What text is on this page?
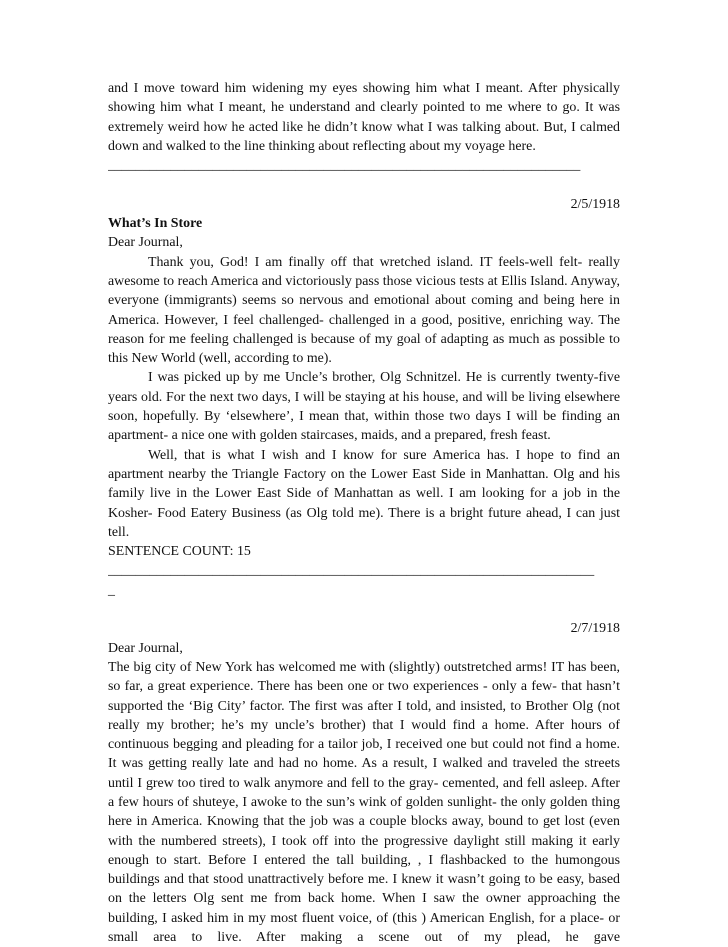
and I move toward him widening my eyes showing him what I meant. After physically showing him what I meant, he understand and clearly pointed to me where to go. It was extremely weird how he acted like he didn’t know what I was talking about. But, I calmed down and walked to the line thinking about reflecting about my voyage here.

____________________________________________________________________

2/5/1918

What’s In Store

Dear Journal,

Thank you, God! I am finally off that wretched island. IT feels-well felt- really awesome to reach America and victoriously pass those vicious tests at Ellis Island. Anyway, everyone (immigrants) seems so nervous and emotional about coming and being here in America. However, I feel challenged- challenged in a good, positive, enriching way. The reason for me feeling challenged is because of my goal of adapting as much as possible to this New World (well, according to me).

I was picked up by me Uncle’s brother, Olg Schnitzel. He is currently twenty-five years old. For the next two days, I will be staying at his house, and will be living elsewhere soon, hopefully. By ‘elsewhere’, I mean that, within those two days I will be finding an apartment- a nice one with golden staircases, maids, and a prepared, fresh feast.

Well, that is what I wish and I know for sure America has. I hope to find an apartment nearby the Triangle Factory on the Lower East Side in Manhattan. Olg and his family live in the Lower East Side of Manhattan as well. I am looking for a job in the Kosher- Food Eatery Business (as Olg told me). There is a bright future ahead, I can just tell.

SENTENCE COUNT: 15

______________________________________________________________________

_

2/7/1918

Dear Journal,

The big city of New York has welcomed me with (slightly) outstretched arms! IT has been, so far, a great experience. There has been one or two experiences - only a few- that hasn’t supported the ‘Big City’ factor. The first was after I told, and insisted, to Brother Olg (not really my brother; he’s my uncle’s brother) that I would find a home. After hours of continuous begging and pleading for a tailor job, I received one but could not find a home. It was getting really late and had no home. As a result, I walked and traveled the streets until I grew too tired to walk anymore and fell to the gray- cemented, and fell asleep. After a few hours of shuteye, I awoke to the sun’s wink of golden sunlight- the only golden thing here in America. Knowing that the job was a couple blocks away, bound to get lost (even with the numbered streets), I took off into the progressive daylight still making it early enough to start. Before I entered the tall building, , I flashbacked to the humongous buildings and that stood unattractively before me. I knew it wasn’t going to be easy, based on the letters Olg sent me from back home. When I saw the owner approaching the building, I asked him in my most fluent voice, of (this ) American English, for a place- or small area to live. After making a scene out of my plead, he gave
